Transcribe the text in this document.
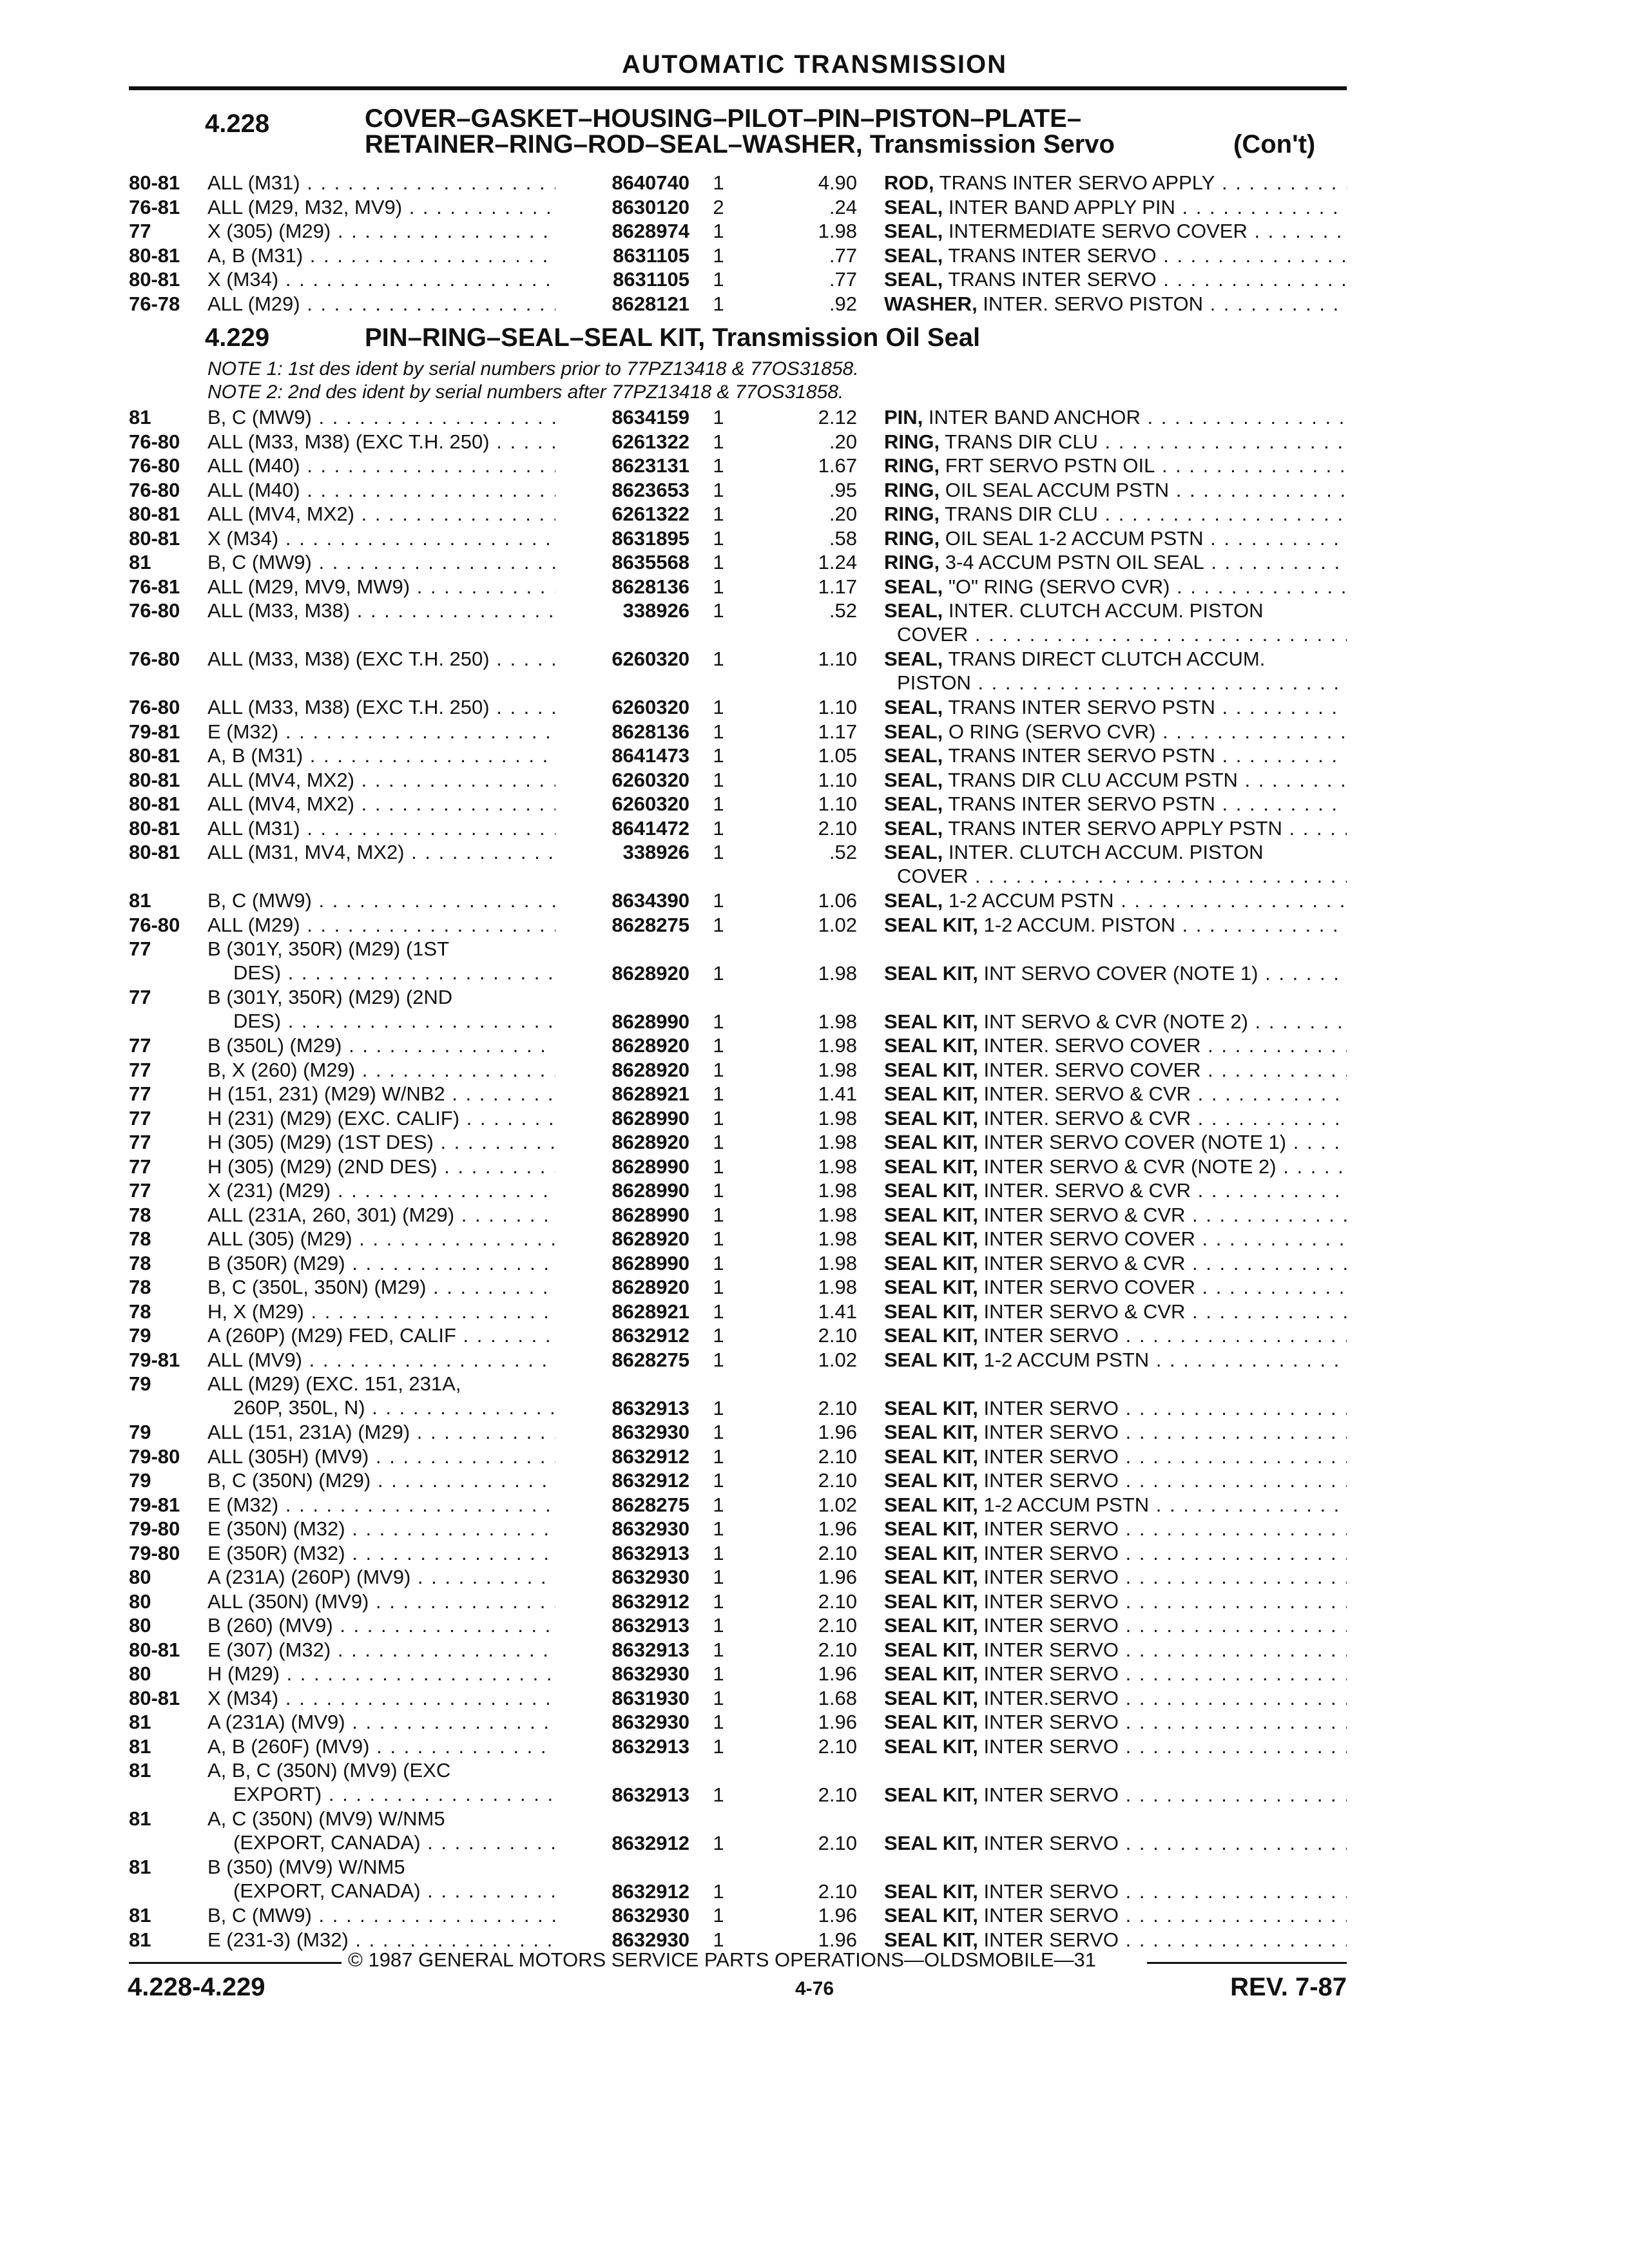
AUTOMATIC TRANSMISSION
4.228	COVER–GASKET–HOUSING–PILOT–PIN–PISTON–PLATE–
RETAINER–RING–ROD–SEAL–WASHER, Transmission Servo	(Con't)
80-81 ALL (M31) . . .	8640740 1	4.90 ROD, TRANS INTER SERVO APPLY . . .
76-81 ALL (M29, M32, MV9) . . .	8630120 2	.24 SEAL, INTER BAND APPLY PIN . . .
77	X (305) (M29) . . .	8628974 1	1.98 SEAL, INTERMEDIATE SERVO COVER . . .
80-81 A, B (M31) . . .	8631105 1	.77 SEAL, TRANS INTER SERVO . . .
80-81 X (M34) . . .	8631105 1	.77 SEAL, TRANS INTER SERVO . . .
76-78 ALL (M29) . . .	8628121 1	.92 WASHER, INTER. SERVO PISTON . . .
4.229	PIN–RING–SEAL–SEAL KIT, Transmission Oil Seal
NOTE 1: 1st des ident by serial numbers prior to 77PZ13418 & 77OS31858.
NOTE 2: 2nd des ident by serial numbers after 77PZ13418 & 77OS31858.
81	B, C (MW9) . . .	8634159 1	2.12 PIN, INTER BAND ANCHOR . . .
76-80 ALL (M33, M38) (EXC T.H. 250) . . .	6261322 1	.20 RING, TRANS DIR CLU . . .
76-80 ALL (M40) . . .	8623131 1	1.67 RING, FRT SERVO PSTN OIL . . .
76-80 ALL (M40) . . .	8623653 1	.95 RING, OIL SEAL ACCUM PSTN . . .
80-81 ALL (MV4, MX2) . . .	6261322 1	.20 RING, TRANS DIR CLU . . .
80-81 X (M34) . . .	8631895 1	.58 RING, OIL SEAL 1-2 ACCUM PSTN . . .
81	B, C (MW9) . . .	8635568 1	1.24 RING, 3-4 ACCUM PSTN OIL SEAL . . .
76-81 ALL (M29, MV9, MW9) . . .	8628136 1	1.17 SEAL, "O" RING (SERVO CVR) . . .
76-80 ALL (M33, M38) . . .	338926 1	.52 SEAL, INTER. CLUTCH ACCUM. PISTON
COVER . . .
76-80 ALL (M33, M38) (EXC T.H. 250) . . .	6260320 1	1.10 SEAL, TRANS DIRECT CLUTCH ACCUM.
PISTON . . .
76-80 ALL (M33, M38) (EXC T.H. 250) . . .	6260320 1	1.10 SEAL, TRANS INTER SERVO PSTN . . .
79-81 E (M32) . . .	8628136 1	1.17 SEAL, O RING (SERVO CVR) . . .
80-81 A, B (M31) . . .	8641473 1	1.05 SEAL, TRANS INTER SERVO PSTN . . .
80-81 ALL (MV4, MX2) . . .	6260320 1	1.10 SEAL, TRANS DIR CLU ACCUM PSTN . . .
80-81 ALL (MV4, MX2) . . .	6260320 1	1.10 SEAL, TRANS INTER SERVO PSTN . . .
80-81 ALL (M31) . . .	8641472 1	2.10 SEAL, TRANS INTER SERVO APPLY PSTN . . .
80-81 ALL (M31, MV4, MX2) . . .	338926 1	.52 SEAL, INTER. CLUTCH ACCUM. PISTON
COVER . . .
81	B, C (MW9) . . .	8634390 1	1.06 SEAL, 1-2 ACCUM PSTN . . .
76-80 ALL (M29) . . .	8628275 1	1.02 SEAL KIT, 1-2 ACCUM. PISTON . . .
77	B (301Y, 350R) (M29) (1ST
DES) . . .	8628920 1	1.98 SEAL KIT, INT SERVO COVER (NOTE 1) . . .
77	B (301Y, 350R) (M29) (2ND
DES) . . .	8628990 1	1.98 SEAL KIT, INT SERVO & CVR (NOTE 2) . . .
77	B (350L) (M29) . . .	8628920 1	1.98 SEAL KIT, INTER. SERVO COVER . . .
77	B, X (260) (M29) . . .	8628920 1	1.98 SEAL KIT, INTER. SERVO COVER . . .
77	H (151, 231) (M29) W/NB2 . . .	8628921 1	1.41 SEAL KIT, INTER. SERVO & CVR . . .
77	H (231) (M29) (EXC. CALIF) . . .	8628990 1	1.98 SEAL KIT, INTER. SERVO & CVR . . .
77	H (305) (M29) (1ST DES) . . .	8628920 1	1.98 SEAL KIT, INTER SERVO COVER (NOTE 1) . . .
77	H (305) (M29) (2ND DES) . . .	8628990 1	1.98 SEAL KIT, INTER SERVO & CVR (NOTE 2) . . .
77	X (231) (M29) . . .	8628990 1	1.98 SEAL KIT, INTER. SERVO & CVR . . .
78	ALL (231A, 260, 301) (M29) . . .	8628990 1	1.98 SEAL KIT, INTER SERVO & CVR . . .
78	ALL (305) (M29) . . .	8628920 1	1.98 SEAL KIT, INTER SERVO COVER . . .
78	B (350R) (M29) . . .	8628990 1	1.98 SEAL KIT, INTER SERVO & CVR . . .
78	B, C (350L, 350N) (M29) . . .	8628920 1	1.98 SEAL KIT, INTER SERVO COVER . . .
78	H, X (M29) . . .	8628921 1	1.41 SEAL KIT, INTER SERVO & CVR . . .
79	A (260P) (M29) FED, CALIF . . .	8632912 1	2.10 SEAL KIT, INTER SERVO . . .
79-81 ALL (MV9) . . .	8628275 1	1.02 SEAL KIT, 1-2 ACCUM PSTN . . .
79	ALL (M29) (EXC. 151, 231A,
260P, 350L, N) . . .	8632913 1	2.10 SEAL KIT, INTER SERVO . . .
79	ALL (151, 231A) (M29) . . .	8632930 1	1.96 SEAL KIT, INTER SERVO . . .
79-80 ALL (305H) (MV9) . . .	8632912 1	2.10 SEAL KIT, INTER SERVO . . .
79	B, C (350N) (M29) . . .	8632912 1	2.10 SEAL KIT, INTER SERVO . . .
79-81 E (M32) . . .	8628275 1	1.02 SEAL KIT, 1-2 ACCUM PSTN . . .
79-80 E (350N) (M32) . . .	8632930 1	1.96 SEAL KIT, INTER SERVO . . .
79-80 E (350R) (M32) . . .	8632913 1	2.10 SEAL KIT, INTER SERVO . . .
80	A (231A) (260P) (MV9) . . .	8632930 1	1.96 SEAL KIT, INTER SERVO . . .
80	ALL (350N) (MV9) . . .	8632912 1	2.10 SEAL KIT, INTER SERVO . . .
80	B (260) (MV9) . . .	8632913 1	2.10 SEAL KIT, INTER SERVO . . .
80-81 E (307) (M32) . . .	8632913 1	2.10 SEAL KIT, INTER SERVO . . .
80	H (M29) . . .	8632930 1	1.96 SEAL KIT, INTER SERVO . . .
80-81 X (M34) . . .	8631930 1	1.68 SEAL KIT, INTER.SERVO . . .
81	A (231A) (MV9) . . .	8632930 1	1.96 SEAL KIT, INTER SERVO . . .
81	A, B (260F) (MV9) . . .	8632913 1	2.10 SEAL KIT, INTER SERVO . . .
81	A, B, C (350N) (MV9) (EXC
EXPORT) . . .	8632913 1	2.10 SEAL KIT, INTER SERVO . . .
81	A, C (350N) (MV9) W/NM5
(EXPORT, CANADA) . . .	8632912 1	2.10 SEAL KIT, INTER SERVO . . .
81	B (350) (MV9) W/NM5
(EXPORT, CANADA) . . .	8632912 1	2.10 SEAL KIT, INTER SERVO . . .
81	B, C (MW9) . . .	8632930 1	1.96 SEAL KIT, INTER SERVO . . .
81	E (231-3) (M32) . . .	8632930 1	1.96 SEAL KIT, INTER SERVO . . .
© 1987 GENERAL MOTORS SERVICE PARTS OPERATIONS—OLDSMOBILE—31
4.228-4.229	4-76	REV. 7-87
